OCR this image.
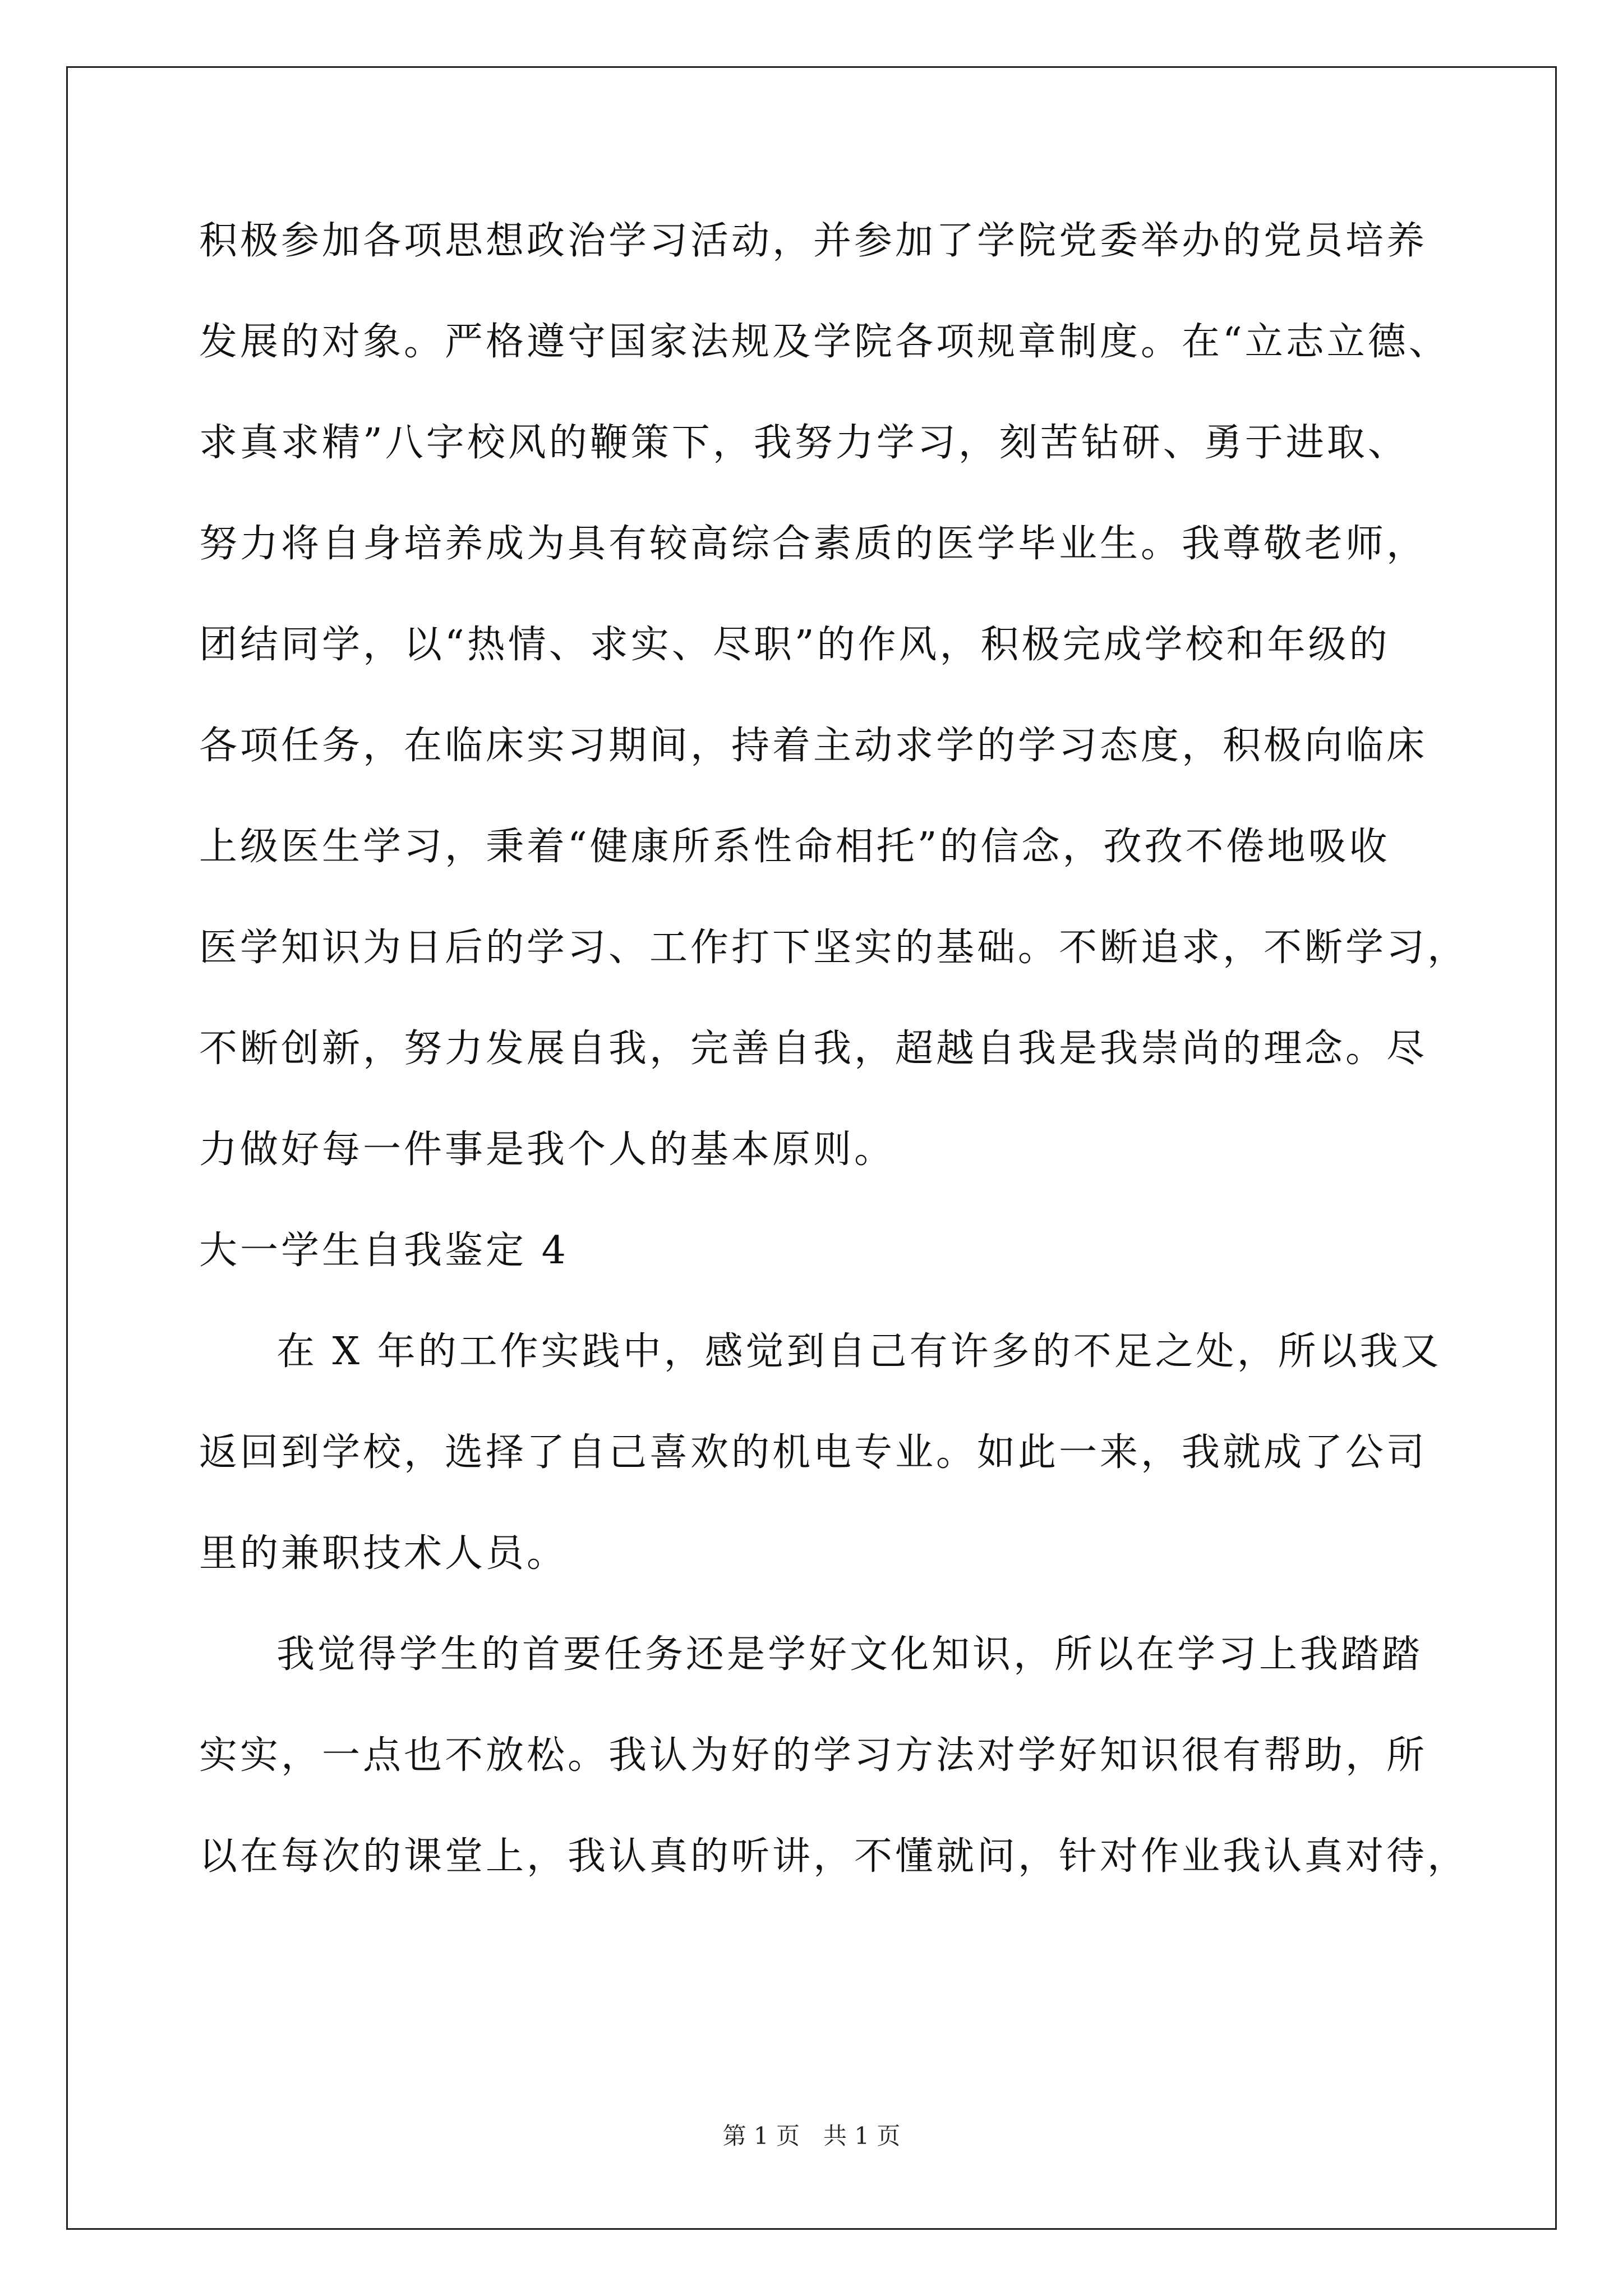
积极参加各项思想政治学习活动，并参加了学院党委举办的党员培养
发展的对象。严格遵守国家法规及学院各项规章制度。在“立志立德、
求真求精”八字校风的鞭策下，我努力学习，刻苦钻研、勇于进取、
努力将自身培养成为具有较高综合素质的医学毕业生。我尊敬老师，
团结同学，以“热情、求实、尽职”的作风，积极完成学校和年级的
各项任务，在临床实习期间，持着主动求学的学习态度，积极向临床
上级医生学习，秉着“健康所系性命相托”的信念，孜孜不倦地吸收
医学知识为日后的学习、工作打下坚实的基础。不断追求，不断学习，
不断创新，努力发展自我，完善自我，超越自我是我崇尚的理念。尽
力做好每一件事是我个人的基本原则。
大一学生自我鉴定 4
在 X 年的工作实践中，感觉到自己有许多的不足之处，所以我又
返回到学校，选择了自己喜欢的机电专业。如此一来，我就成了公司
里的兼职技术人员。
我觉得学生的首要任务还是学好文化知识，所以在学习上我踏踏
实实，一点也不放松。我认为好的学习方法对学好知识很有帮助，所
以在每次的课堂上，我认真的听讲，不懂就问，针对作业我认真对待，
第 1 页　共 1 页
